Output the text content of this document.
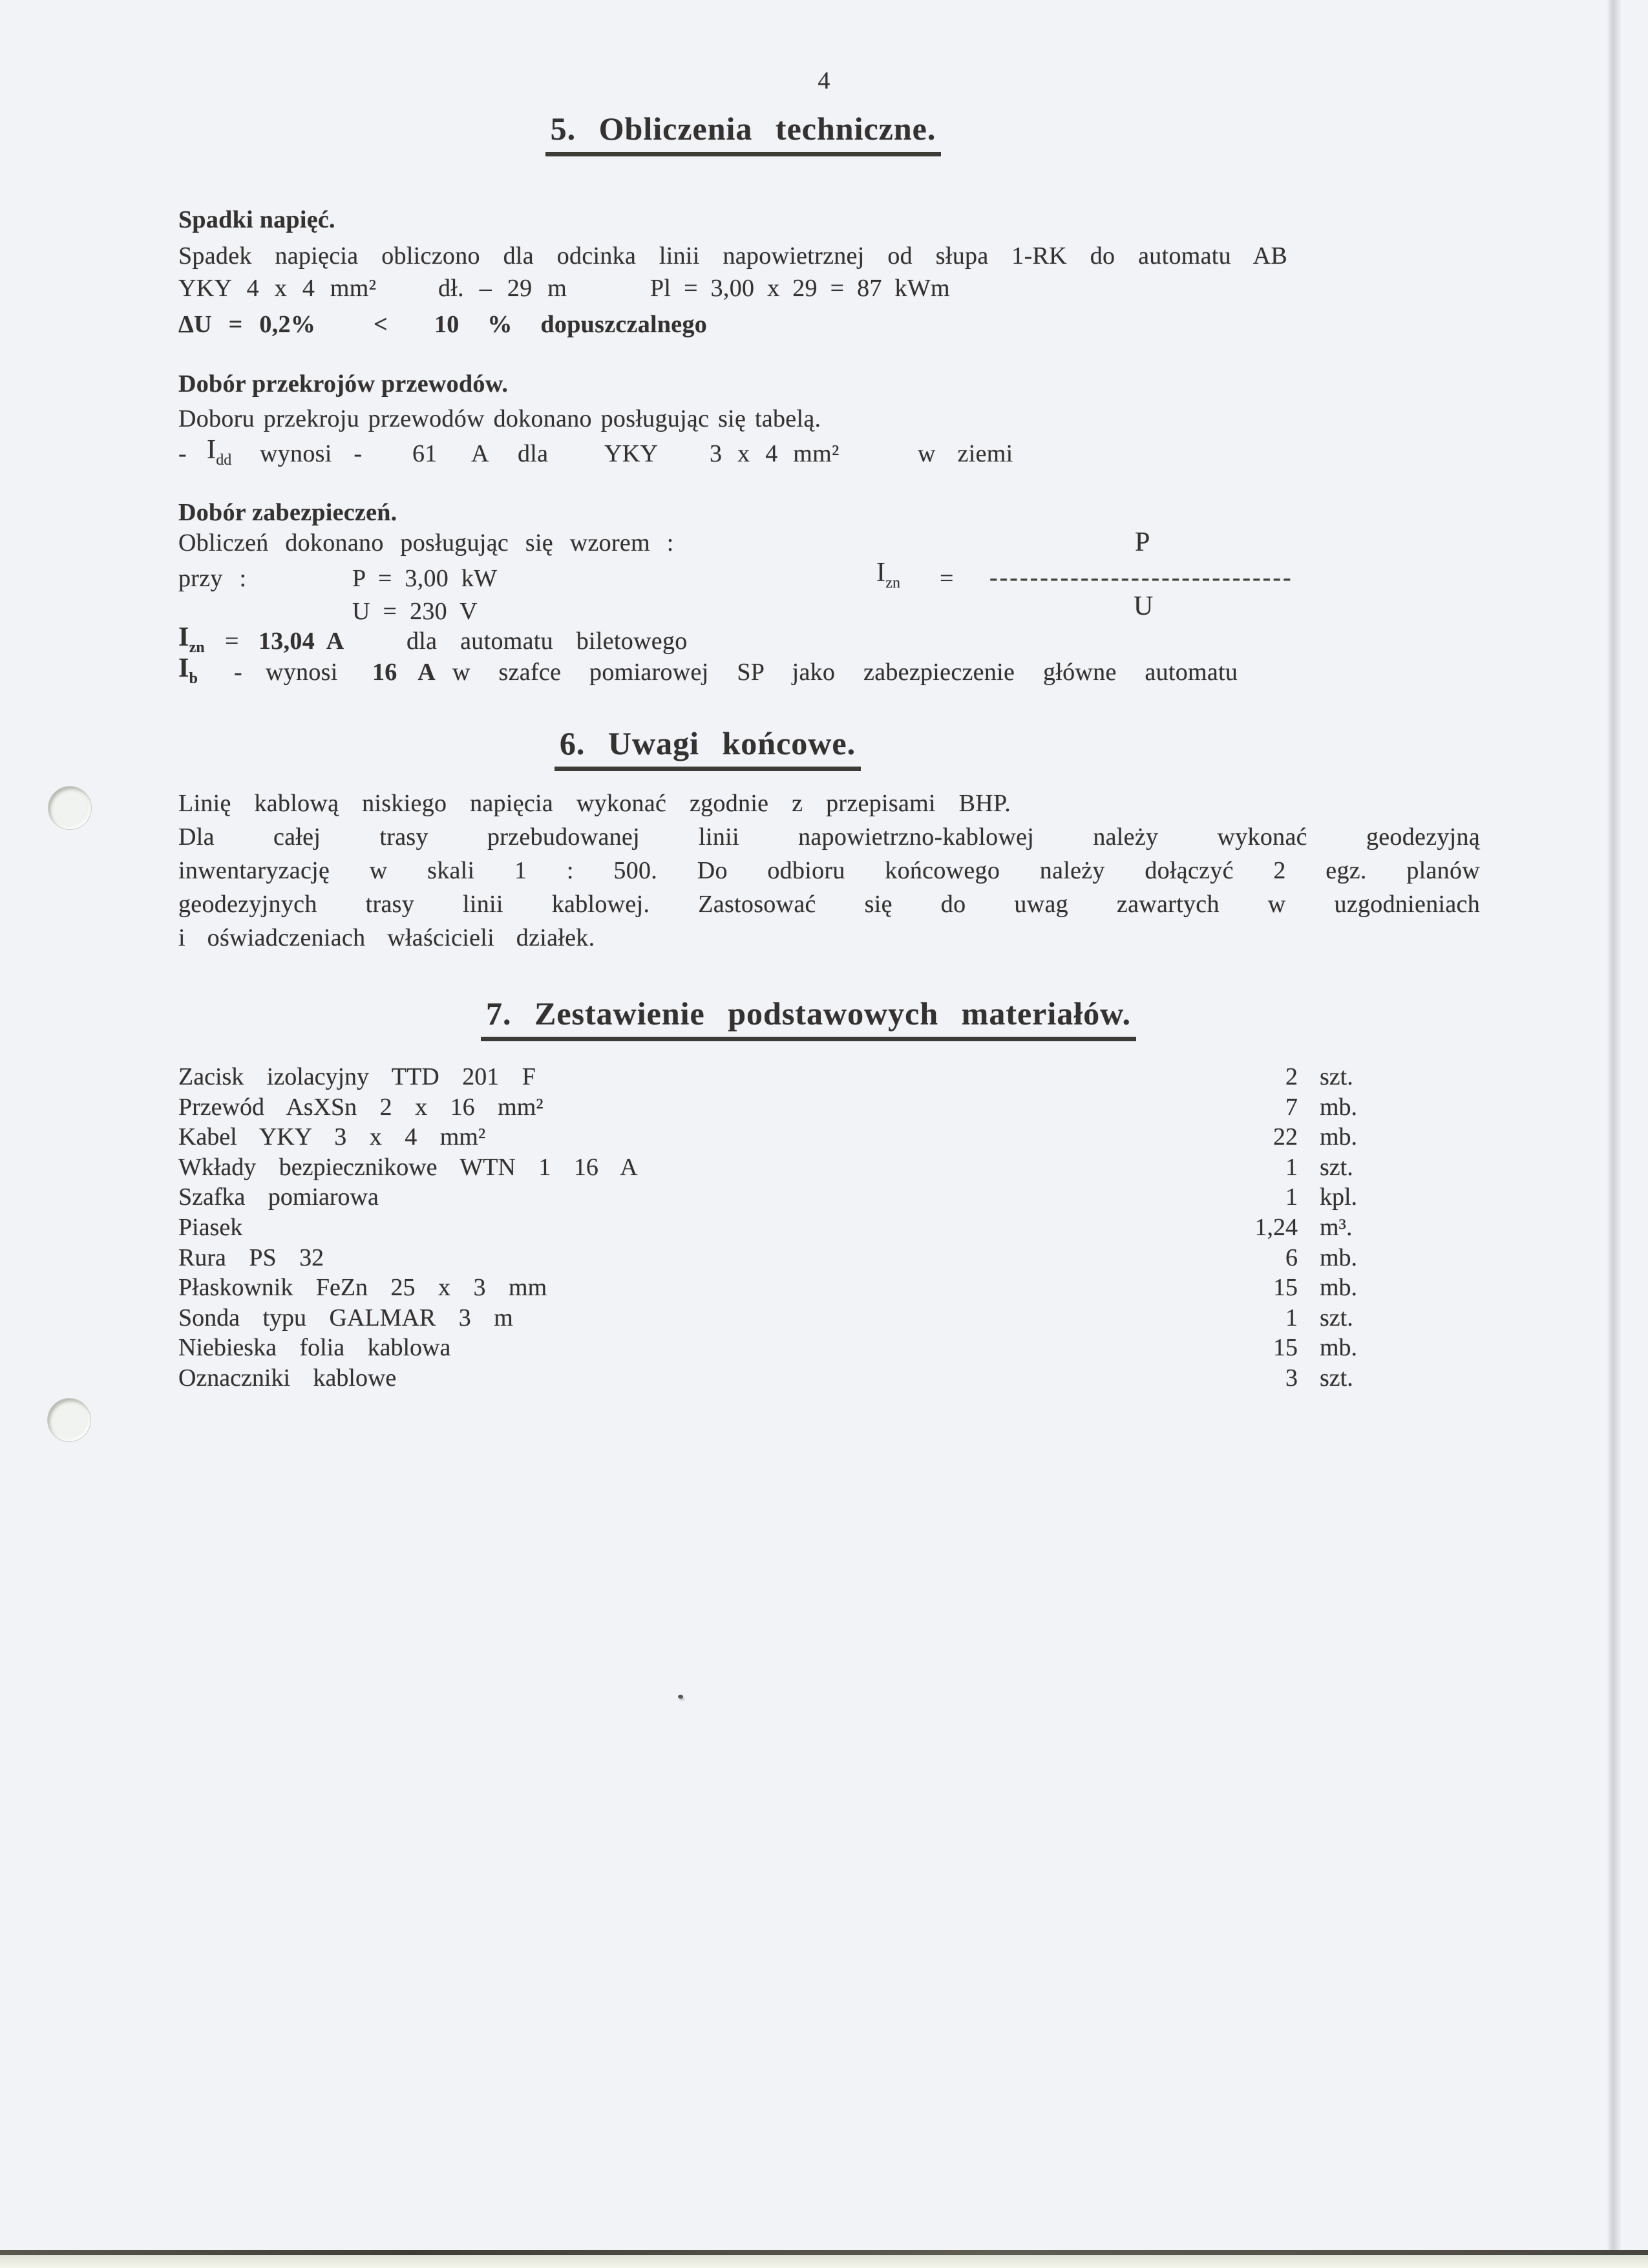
4
5. Obliczenia techniczne.
Spadki napięć.
Spadek napięcia obliczono dla odcinka linii napowietrznej od słupa 1-RK do automatu AB
YKY 4 x 4 mm²	dł. – 29 m	Pl = 3,00 x 29 = 87 kWm
ΔU = 0,2% < 10 % dopuszczalnego
Dobór przekrojów przewodów.
Doboru przekroju przewodów dokonano posługując się tabelą.
- $I_{dd}$ wynosi - 61 A dla YKY 3 x 4 mm²	w ziemi
Dobór zabezpieczeń.
Obliczeń dokonano posługując się wzorem :	P
przy :	P = 3,00 kW	$I_{zn}$ = ------------------------------
U = 230 V	U
$I_{zn} = 13,04$ A	dla automatu biletowego
$I_b$ - wynosi 16 A w szafce pomiarowej SP jako zabezpieczenie główne automatu
6. Uwagi końcowe.
Linię kablową niskiego napięcia wykonać zgodnie z przepisami BHP.
Dla całej trasy przebudowanej linii napowietrzno-kablowej należy wykonać geodezyjną
inwentaryzację w skali 1 : 500. Do odbioru końcowego należy dołączyć 2 egz. planów
geodezyjnych trasy linii kablowej. Zastosować się do uwag zawartych w uzgodnieniach
i oświadczeniach właścicieli działek.
7. Zestawienie podstawowych materiałów.
Zacisk izolacyjny TTD 201 F	2 szt.
Przewód AsXSn 2 x 16 mm²	7 mb.
Kabel YKY 3 x 4 mm²	22 mb.
Wkłady bezpiecznikowe WTN 1 16 A	1 szt.
Szafka pomiarowa	1 kpl.
Piasek	1,24 m³.
Rura PS 32	6 mb.
Płaskownik FeZn 25 x 3 mm	15 mb.
Sonda typu GALMAR 3 m	1 szt.
Niebieska folia kablowa	15 mb.
Oznaczniki kablowe	3 szt.
